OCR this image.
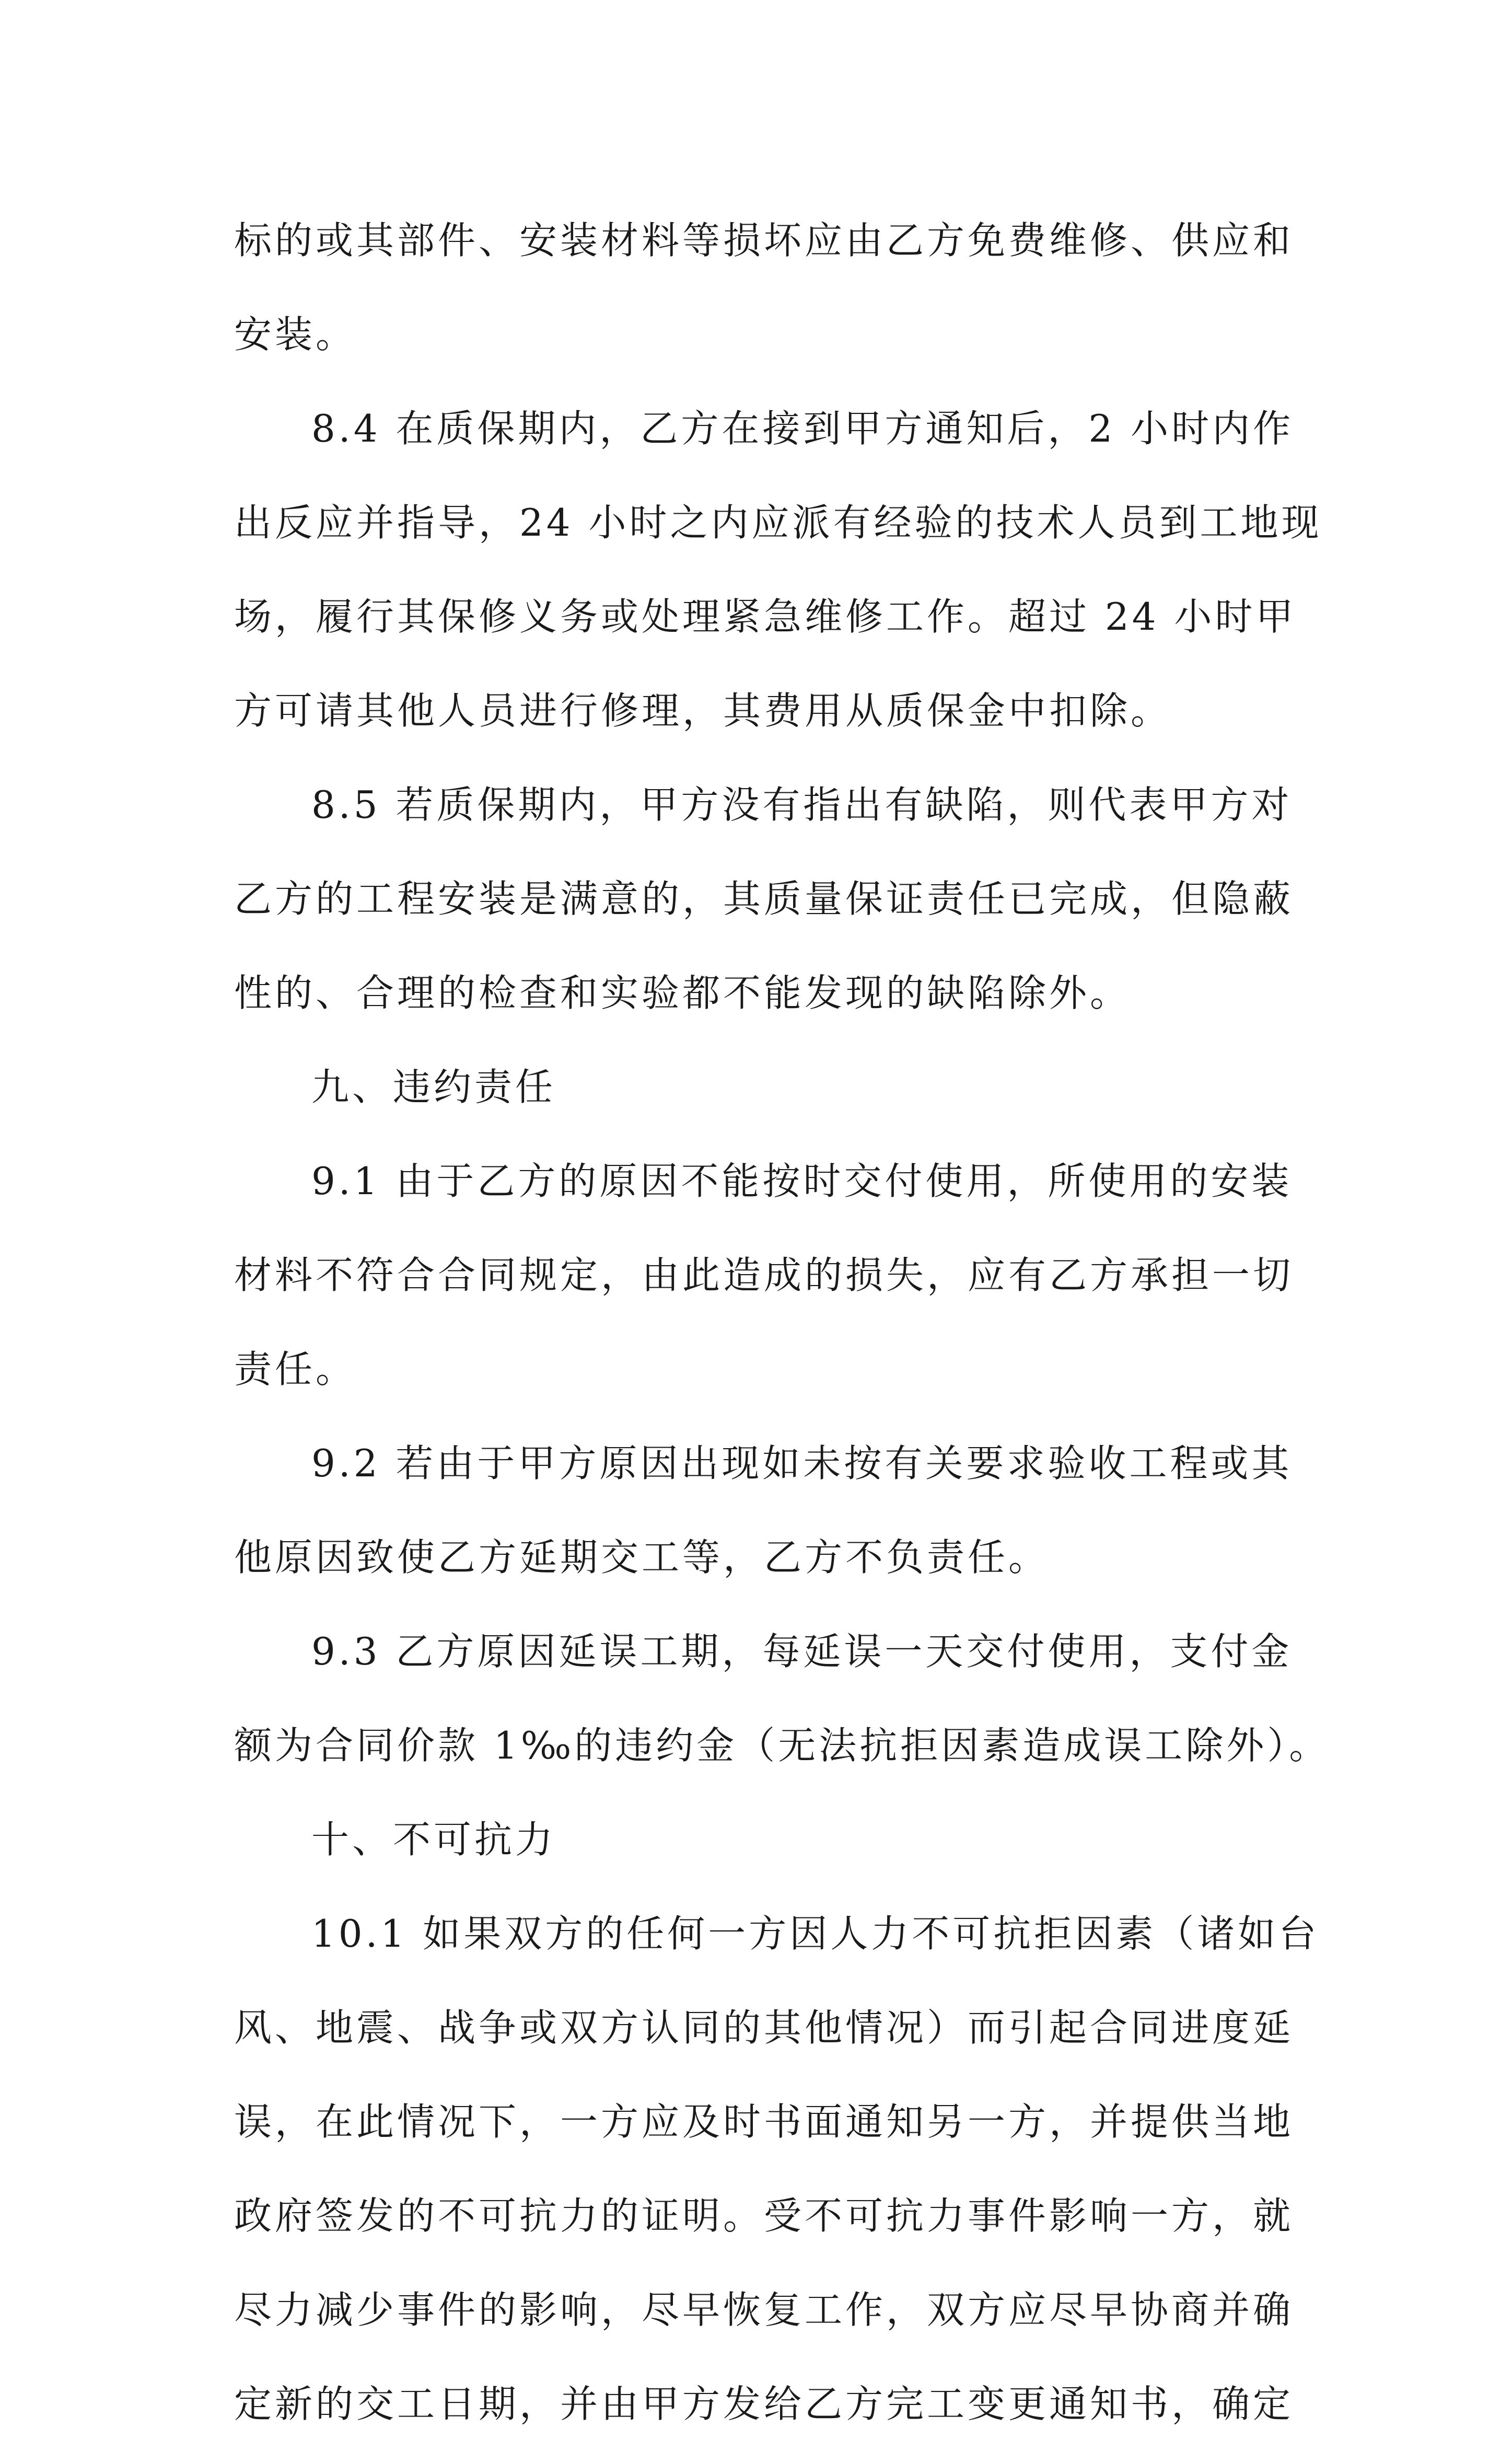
标的或其部件、安装材料等损坏应由乙方免费维修、供应和
安装。
8.4 在质保期内，乙方在接到甲方通知后，2 小时内作
出反应并指导，24 小时之内应派有经验的技术人员到工地现
场，履行其保修义务或处理紧急维修工作。超过 24 小时甲
方可请其他人员进行修理，其费用从质保金中扣除。
8.5 若质保期内，甲方没有指出有缺陷，则代表甲方对
乙方的工程安装是满意的，其质量保证责任已完成，但隐蔽
性的、合理的检查和实验都不能发现的缺陷除外。
九、违约责任
9.1 由于乙方的原因不能按时交付使用，所使用的安装
材料不符合合同规定，由此造成的损失，应有乙方承担一切
责任。
9.2 若由于甲方原因出现如未按有关要求验收工程或其
他原因致使乙方延期交工等，乙方不负责任。
9.3 乙方原因延误工期，每延误一天交付使用，支付金
额为合同价款 1‰的违约金（无法抗拒因素造成误工除外）。
十、不可抗力
10.1 如果双方的任何一方因人力不可抗拒因素（诸如台
风、地震、战争或双方认同的其他情况）而引起合同进度延
误，在此情况下，一方应及时书面通知另一方，并提供当地
政府签发的不可抗力的证明。受不可抗力事件影响一方，就
尽力减少事件的影响，尽早恢复工作，双方应尽早协商并确
定新的交工日期，并由甲方发给乙方完工变更通知书，确定
